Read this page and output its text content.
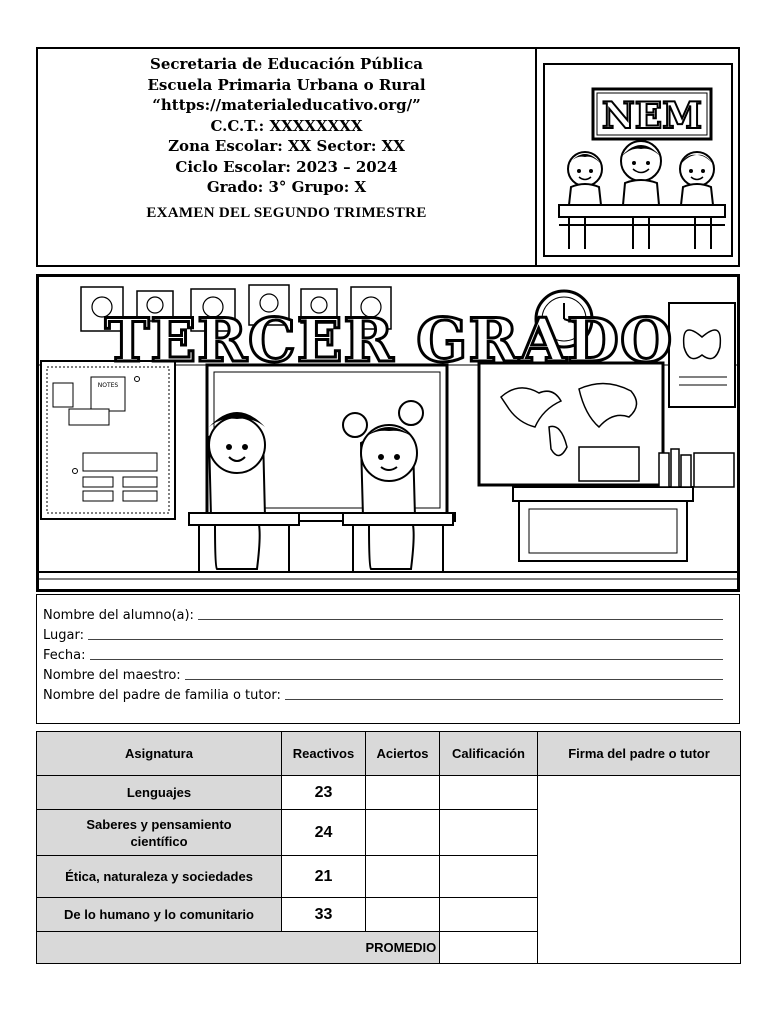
Secretaria de Educación Pública
Escuela Primaria Urbana o Rural
“https://materialeducativo.org/”
C.C.T.: XXXXXXXX
Zona Escolar: XX Sector: XX
Ciclo Escolar: 2023 – 2024
Grado: 3° Grupo: X
EXAMEN DEL SEGUNDO TRIMESTRE
NEM
NOTES
TERCER GRADO
Nombre del alumno(a):
Lugar:
Fecha:
Nombre del maestro:
Nombre del padre de familia o tutor:
Asignatura	Reactivos	Aciertos	Calificación	Firma del padre o tutor
Lenguajes	23			
Saberes y pensamiento científico	24			
Ética, naturaleza y sociedades	21			
De lo humano y lo comunitario	33			
		PROMEDIO		
